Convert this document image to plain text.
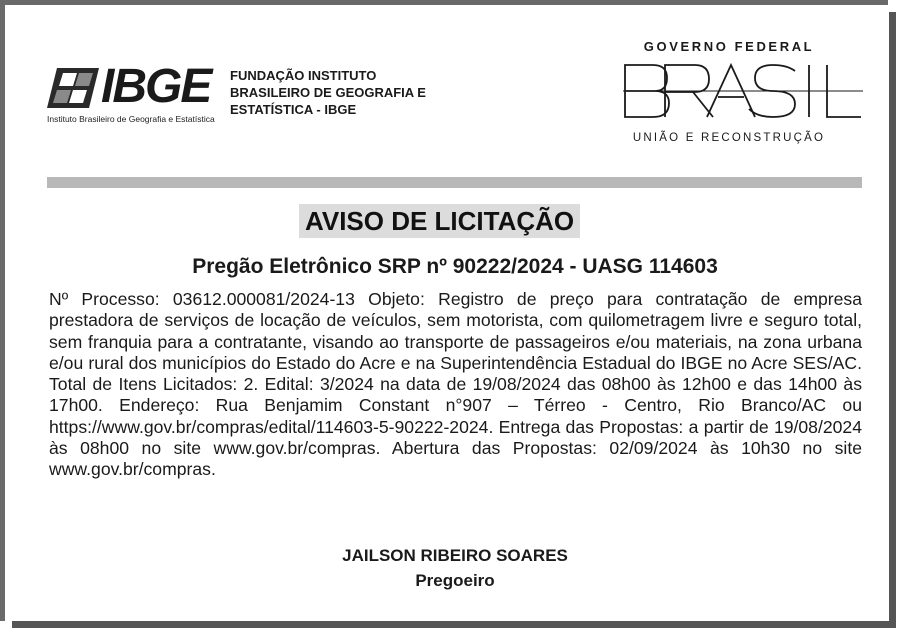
IBGE
Instituto Brasileiro de Geografia e Estatística
FUNDAÇÃO INSTITUTO
BRASILEIRO DE GEOGRAFIA E
ESTATÍSTICA - IBGE
GOVERNO FEDERAL
UNIÃO E RECONSTRUÇÃO
AVISO DE LICITAÇÃO
Pregão Eletrônico SRP nº 90222/2024 - UASG 114603
Nº Processo: 03612.000081/2024-13 Objeto: Registro de preço para contratação de empresa prestadora de serviços de locação de veículos, sem motorista, com quilometragem livre e seguro total, sem franquia para a contratante, visando ao transporte de passageiros e/ou materiais, na zona urbana e/ou rural dos municípios do Estado do Acre e na Superintendência Estadual do IBGE no Acre SES/AC. Total de Itens Licitados: 2. Edital: 3/2024 na data de 19/08/2024 das 08h00 às 12h00 e das 14h00 às 17h00. Endereço: Rua Benjamim Constant n°907 – Térreo - Centro, Rio Branco/AC ou https://www.gov.br/compras/edital/114603-5-90222-2024. Entrega das Propostas: a partir de 19/08/2024 às 08h00 no site www.gov.br/compras. Abertura das Propostas: 02/09/2024 às 10h30 no site www.gov.br/compras.
JAILSON RIBEIRO SOARES
Pregoeiro
